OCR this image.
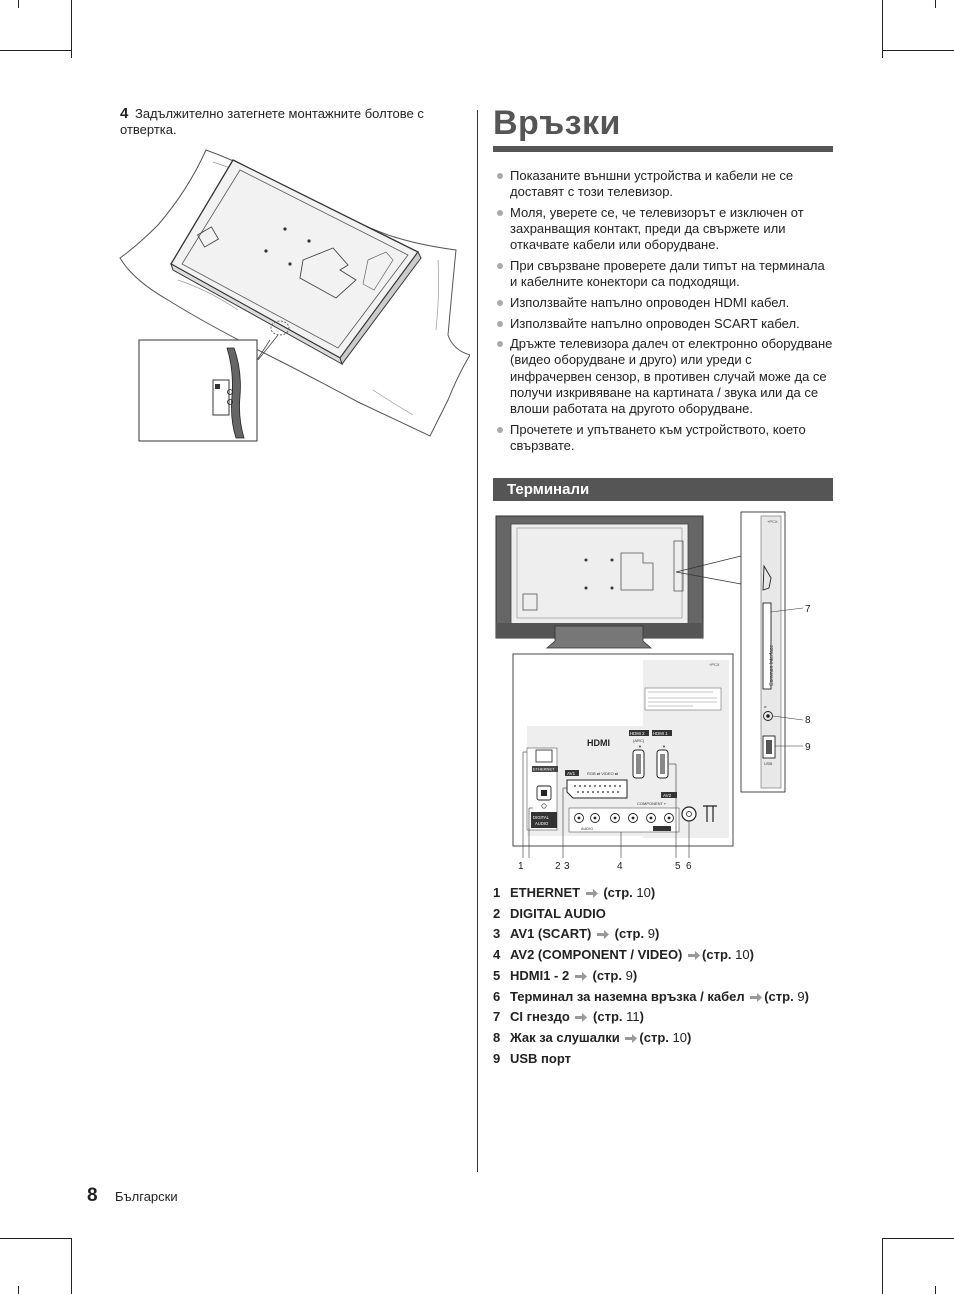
4 Задължително затегнете монтажните болтове с отвертка.	Връзки
Показаните външни устройства и кабели не се доставят с този телевизор.
Моля, уверете се, че телевизорът е изключен от захранващия контакт, преди да свържете или откачвате кабели или оборудване.
При свързване проверете дали типът на терминала и кабелните конектори са подходящи.
Използвайте напълно опроводен HDMI кабел.
Използвайте напълно опроводен SCART кабел.
Дръжте телевизора далеч от електронно оборудване (видео оборудване и друго) или уреди с инфрачервен сензор, в противен случай може да се получи изкривяване на картината / звука или да се влоши работата на другото оборудване.
Прочетете и упътването към устройството, което свързвате.
Терминали
+PCX
Common Interface
⌀
USB
7
8
9
+PCX
ETHERNET
DIGITAL
AUDIO
HDMI
HDMI 2 HDMI 1
(ARC)
▼	▼
AV1	RGB ⇄ VIDEO ⇄
AV2
COMPONENT ⇠
AUDIO
1	2 3	4	5 6
1 ETHERNET (стр. 10)
2 DIGITAL AUDIO
3 AV1 (SCART) (стр. 9)
4 AV2 (COMPONENT / VIDEO) (стр. 10)
5 HDMI1 - 2 (стр. 9)
6 Терминал за наземна връзка / кабел (стр. 9)
7 CI гнездо (стр. 11)
8 Жак за слушалки (стр. 10)
9 USB порт
8 Български
